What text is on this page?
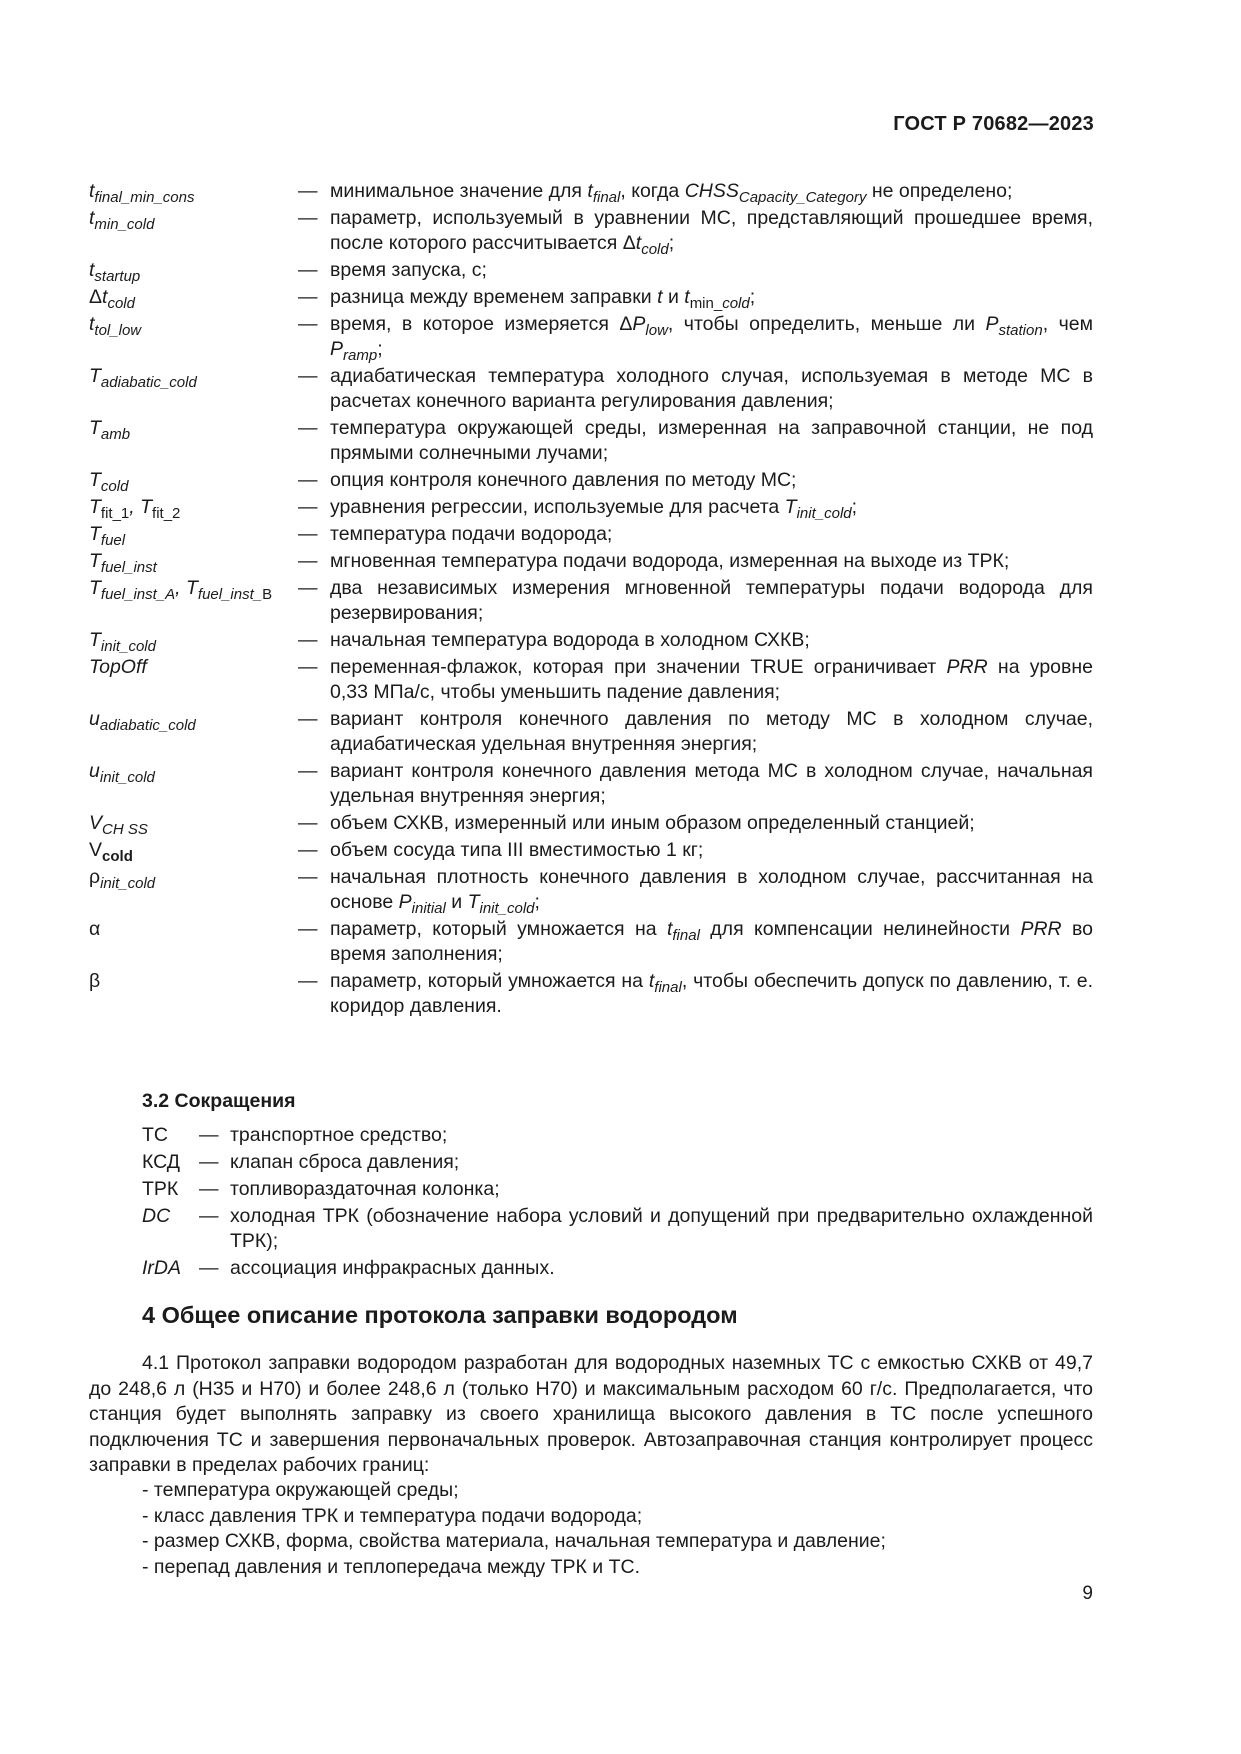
ГОСТ Р 70682—2023
$t_{final\_min\_cons}$	— минимальное значение для $t_{final}$, когда $CHSS_{Capacity\_Category}$ не определено;
$t_{min\_cold}$	— параметр, используемый в уравнении МС, представляющий прошедшее время, после которого рассчитывается $\Delta t_{cold}$;
$t_{startup}$	— время запуска, с;
$\Delta t_{cold}$	— разница между временем заправки t и $t_{min\_cold}$;
$t_{tol\_low}$	— время, в которое измеряется $\Delta P_{low}$, чтобы определить, меньше ли $P_{station}$, чем $P_{ramp}$;
$T_{adiabatic\_cold}$	— адиабатическая температура холодного случая, используемая в методе МС в расчетах конечного варианта регулирования давления;
$T_{amb}$	— температура окружающей среды, измеренная на заправочной станции, не под прямыми солнечными лучами;
$T_{cold}$	— опция контроля конечного давления по методу МС;
$T_{fit\_1}$, $T_{fit\_2}$	— уравнения регрессии, используемые для расчета $T_{init\_cold}$;
$T_{fuel}$	— температура подачи водорода;
$T_{fuel\_inst}$	— мгновенная температура подачи водорода, измеренная на выходе из ТРК;
$T_{fuel\_inst\_A}$, $T_{fuel\_inst\_B}$	— два независимых измерения мгновенной температуры подачи водорода для резервирования;
$T_{init\_cold}$	— начальная температура водорода в холодном СХКВ;
TopOff	— переменная-флажок, которая при значении TRUE ограничивает PRR на уровне 0,33 МПа/с, чтобы уменьшить падение давления;
$u_{adiabatic\_cold}$	— вариант контроля конечного давления по методу МС в холодном случае, адиабатическая удельная внутренняя энергия;
$u_{init\_cold}$	— вариант контроля конечного давления метода МС в холодном случае, начальная удельная внутренняя энергия;
$V_{CH SS}$	— объем СХКВ, измеренный или иным образом определенный станцией;
$V_{cold}$	— объем сосуда типа III вместимостью 1 кг;
$\rho_{init\_cold}$	— начальная плотность конечного давления в холодном случае, рассчитанная на основе $P_{initial}$ и $T_{init\_cold}$;
α	— параметр, который умножается на $t_{final}$ для компенсации нелинейности PRR во время заполнения;
β	— параметр, который умножается на $t_{final}$, чтобы обеспечить допуск по давлению, т. е. коридор давления.
3.2 Сокращения
ТС	— транспортное средство;
КСД — клапан сброса давления;
ТРК	— топливораздаточная колонка;
DC	— холодная ТРК (обозначение набора условий и допущений при предварительно охлажденной ТРК);
IrDA — ассоциация инфракрасных данных.
4 Общее описание протокола заправки водородом
4.1 Протокол заправки водородом разработан для водородных наземных ТС с емкостью СХКВ от 49,7 до 248,6 л (Н35 и Н70) и более 248,6 л (только Н70) и максимальным расходом 60 г/с. Предполагается, что станция будет выполнять заправку из своего хранилища высокого давления в ТС после успешного подключения ТС и завершения первоначальных проверок. Автозаправочная станция контролирует процесс заправки в пределах рабочих границ:
- температура окружающей среды;
- класс давления ТРК и температура подачи водорода;
- размер СХКВ, форма, свойства материала, начальная температура и давление;
- перепад давления и теплопередача между ТРК и ТС.
9
